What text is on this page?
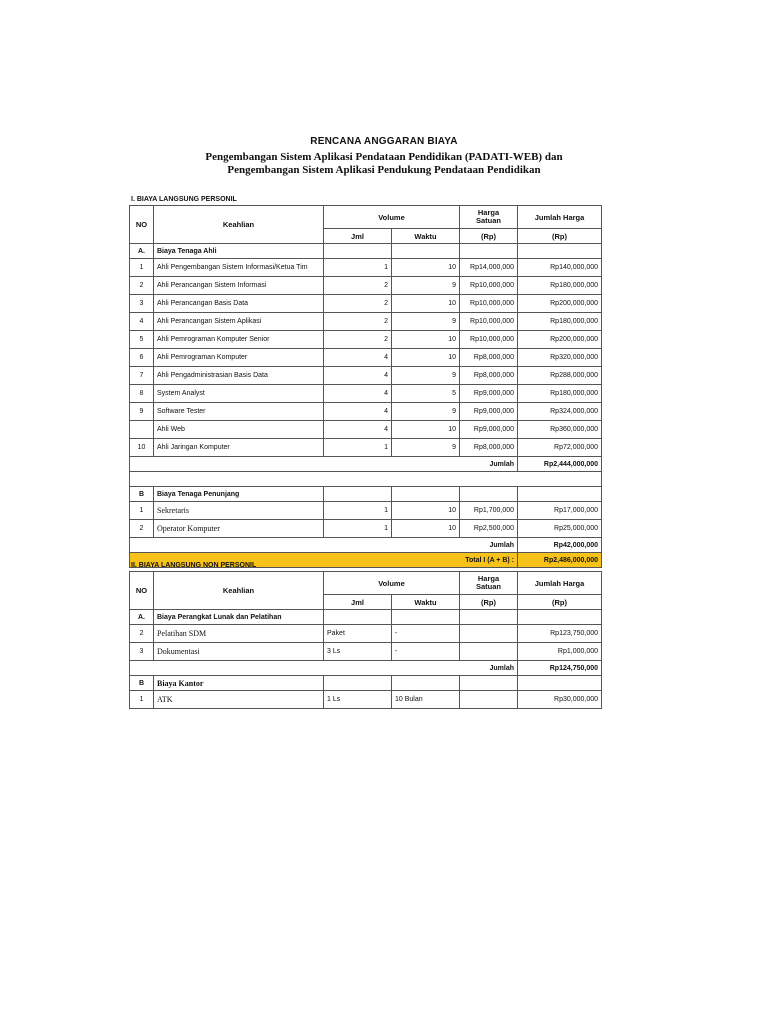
RENCANA ANGGARAN BIAYA
Pengembangan Sistem Aplikasi Pendataan Pendidikan (PADATI-WEB) dan
Pengembangan Sistem Aplikasi Pendukung Pendataan Pendidikan
I. BIAYA LANGSUNG PERSONIL
NO	Keahlian	Volume		Harga
Satuan	Jumlah Harga
		Jml	Waktu	(Rp)	(Rp)
A.	Biaya Tenaga Ahli				
1	Ahli Pengembangan Sistem Informasi/Ketua Tim	1	10	Rp14,000,000	Rp140,000,000
2	Ahli Perancangan Sistem Informasi	2	9	Rp10,000,000	Rp180,000,000
3	Ahli Perancangan Basis Data	2	10	Rp10,000,000	Rp200,000,000
4	Ahli Perancangan Sistem Aplikasi	2	9	Rp10,000,000	Rp180,000,000
5	Ahli Pemrograman Komputer Senior	2	10	Rp10,000,000	Rp200,000,000
6	Ahli Pemrograman Komputer	4	10	Rp8,000,000	Rp320,000,000
7	Ahli Pengadministrasian Basis Data	4	9	Rp8,000,000	Rp288,000,000
8	System Analyst	4	5	Rp9,000,000	Rp180,000,000
9	Software Tester	4	9	Rp9,000,000	Rp324,000,000
	Ahli Web	4	10	Rp9,000,000	Rp360,000,000
10	Ahli Jaringan Komputer	1	9	Rp8,000,000	Rp72,000,000
Jumlah					Rp2,444,000,000

B	Biaya Tenaga Penunjang				
1	Sekretaris	1	10	Rp1,700,000	Rp17,000,000
2	Operator Komputer	1	10	Rp2,500,000	Rp25,000,000
Jumlah					Rp42,000,000
Total I (A + B) :					Rp2,486,000,000
II. BIAYA LANGSUNG NON PERSONIL
NO	Keahlian	Volume		Harga
Satuan	Jumlah Harga
		Jml	Waktu	(Rp)	(Rp)
A.	Biaya Perangkat Lunak dan Pelatihan				
2	Pelatihan SDM	Paket	-		Rp123,750,000
3	Dokumentasi	3 Ls	-		Rp1,000,000
Jumlah					Rp124,750,000
B	Biaya Kantor				
1	ATK	1 Ls	10 Bulan		Rp30,000,000
